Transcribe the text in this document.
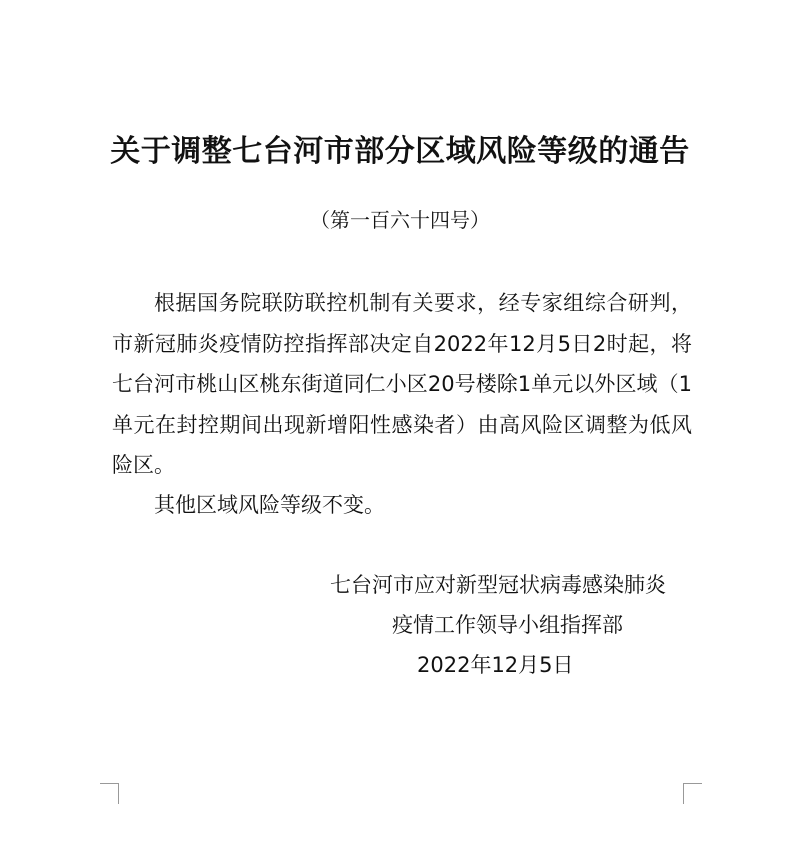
关于调整七台河市部分区域风险等级的通告
（第一百六十四号）

根据国务院联防联控机制有关要求，经专家组综合研判，市新冠肺炎疫情防控指挥部决定自2022年12月5日2时起，将七台河市桃山区桃东街道同仁小区20号楼除1单元以外区域（1单元在封控期间出现新增阳性感染者）由高风险区调整为低风险区。

其他区域风险等级不变。

七台河市应对新型冠状病毒感染肺炎
疫情工作领导小组指挥部
2022年12月5日
